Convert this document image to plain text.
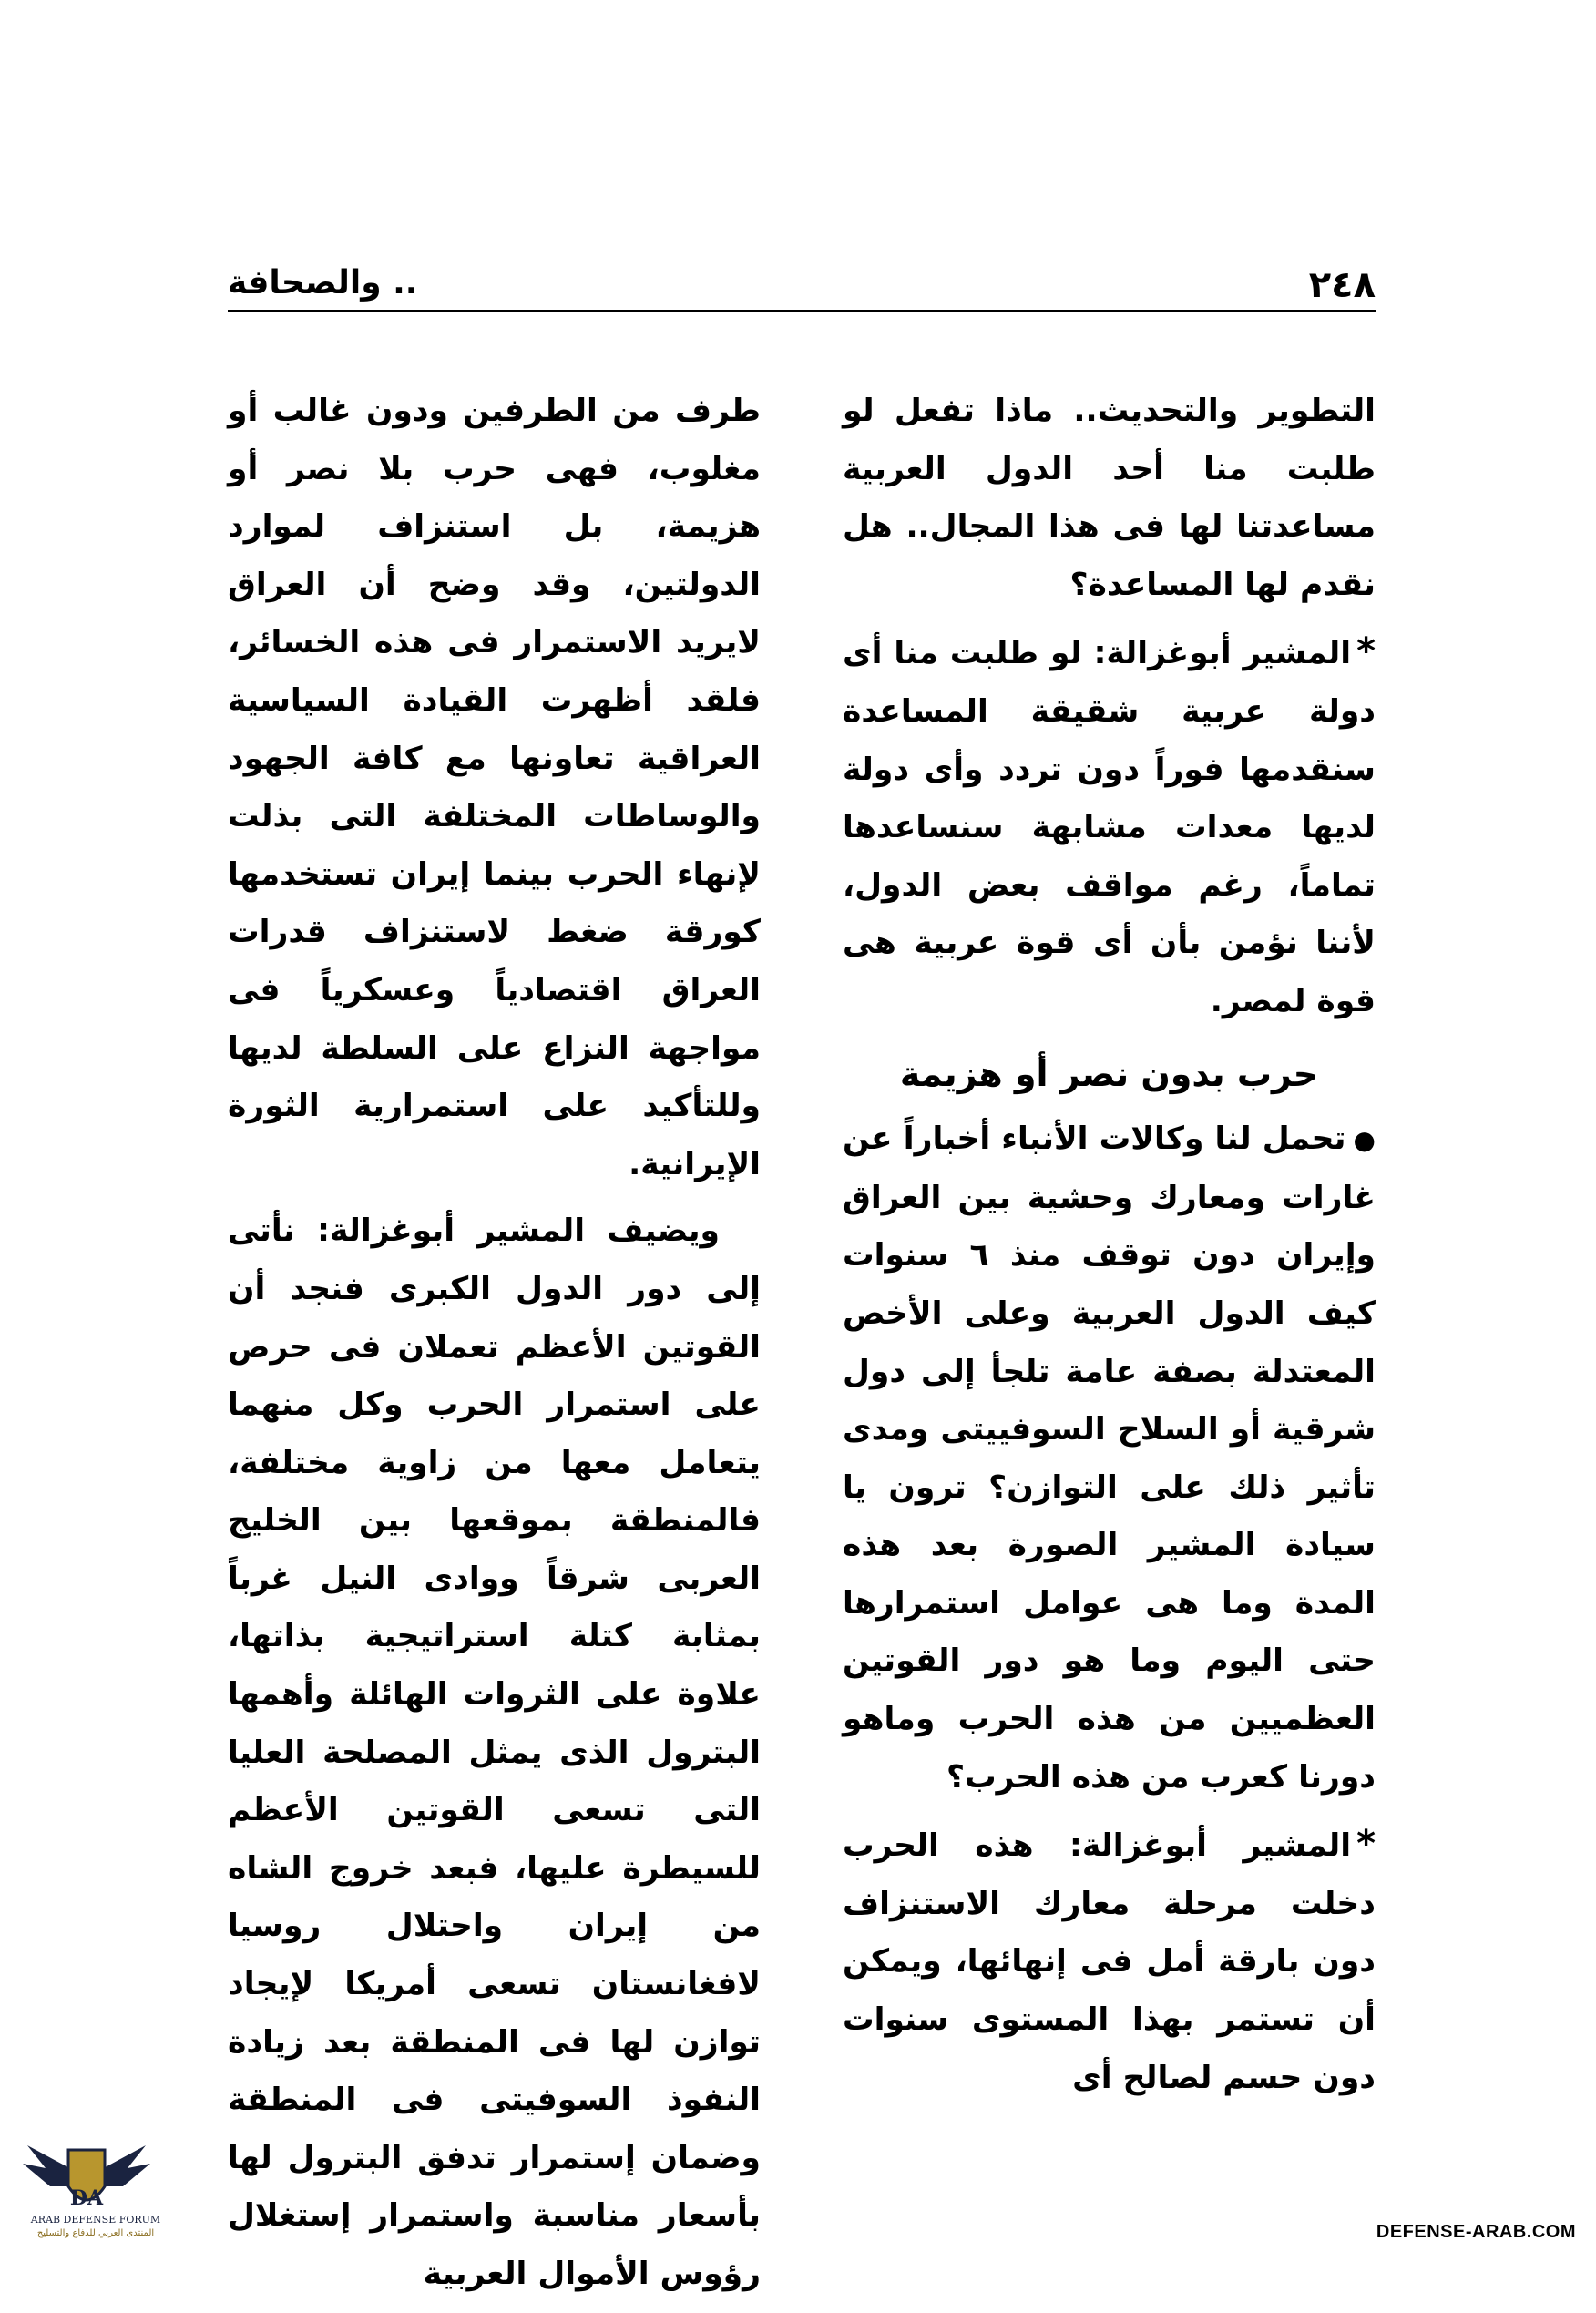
٢٤٨
.. والصحافة

التطوير والتحديث.. ماذا تفعل لو طلبت منا أحد الدول العربية مساعدتنا لها فى هذا المجال.. هل نقدم لها المساعدة؟

*المشير أبوغزالة: لو طلبت منا أى دولة عربية شقيقة المساعدة سنقدمها فوراً دون تردد وأى دولة لديها معدات مشابهة سنساعدها تماماً، رغم مواقف بعض الدول، لأننا نؤمن بأن أى قوة عربية هى قوة لمصر.

حرب بدون نصر أو هزيمة

●تحمل لنا وكالات الأنباء أخباراً عن غارات ومعارك وحشية بين العراق وإيران دون توقف منذ ٦ سنوات كيف الدول العربية وعلى الأخص المعتدلة بصفة عامة تلجأ إلى دول شرقية أو السلاح السوفييتى ومدى تأثير ذلك على التوازن؟ ترون يا سيادة المشير الصورة بعد هذه المدة وما هى عوامل استمرارها حتى اليوم وما هو دور القوتين العظميين من هذه الحرب وماهو دورنا كعرب من هذه الحرب؟

*المشير أبوغزالة: هذه الحرب دخلت مرحلة معارك الاستنزاف دون بارقة أمل فى إنهائها، ويمكن أن تستمر بهذا المستوى سنوات دون حسم لصالح أى

طرف من الطرفين ودون غالب أو مغلوب، فهى حرب بلا نصر أو هزيمة، بل استنزاف لموارد الدولتين، وقد وضح أن العراق لايريد الاستمرار فى هذه الخسائر، فلقد أظهرت القيادة السياسية العراقية تعاونها مع كافة الجهود والوساطات المختلفة التى بذلت لإنهاء الحرب بينما إيران تستخدمها كورقة ضغط لاستنزاف قدرات العراق اقتصادياً وعسكرياً فى مواجهة النزاع على السلطة لديها وللتأكيد على استمرارية الثورة الإيرانية.

ويضيف المشير أبوغزالة: نأتى إلى دور الدول الكبرى فنجد أن القوتين الأعظم تعملان فى حرص على استمرار الحرب وكل منهما يتعامل معها من زاوية مختلفة، فالمنطقة بموقعها بين الخليج العربى شرقاً ووادى النيل غرباً بمثابة كتلة استراتيجية بذاتها، علاوة على الثروات الهائلة وأهمها البترول الذى يمثل المصلحة العليا التى تسعى القوتين الأعظم للسيطرة عليها، فبعد خروج الشاه من إيران واحتلال روسيا لافغانستان تسعى أمريكا لإيجاد توازن لها فى المنطقة بعد زيادة النفوذ السوفيتى فى المنطقة وضمان إستمرار تدفق البترول لها بأسعار مناسبة واستمرار إستغلال رؤوس الأموال العربية

DA
ARAB DEFENSE FORUM
المنتدى العربي للدفاع والتسليح	DEFENSE-ARAB.COM
